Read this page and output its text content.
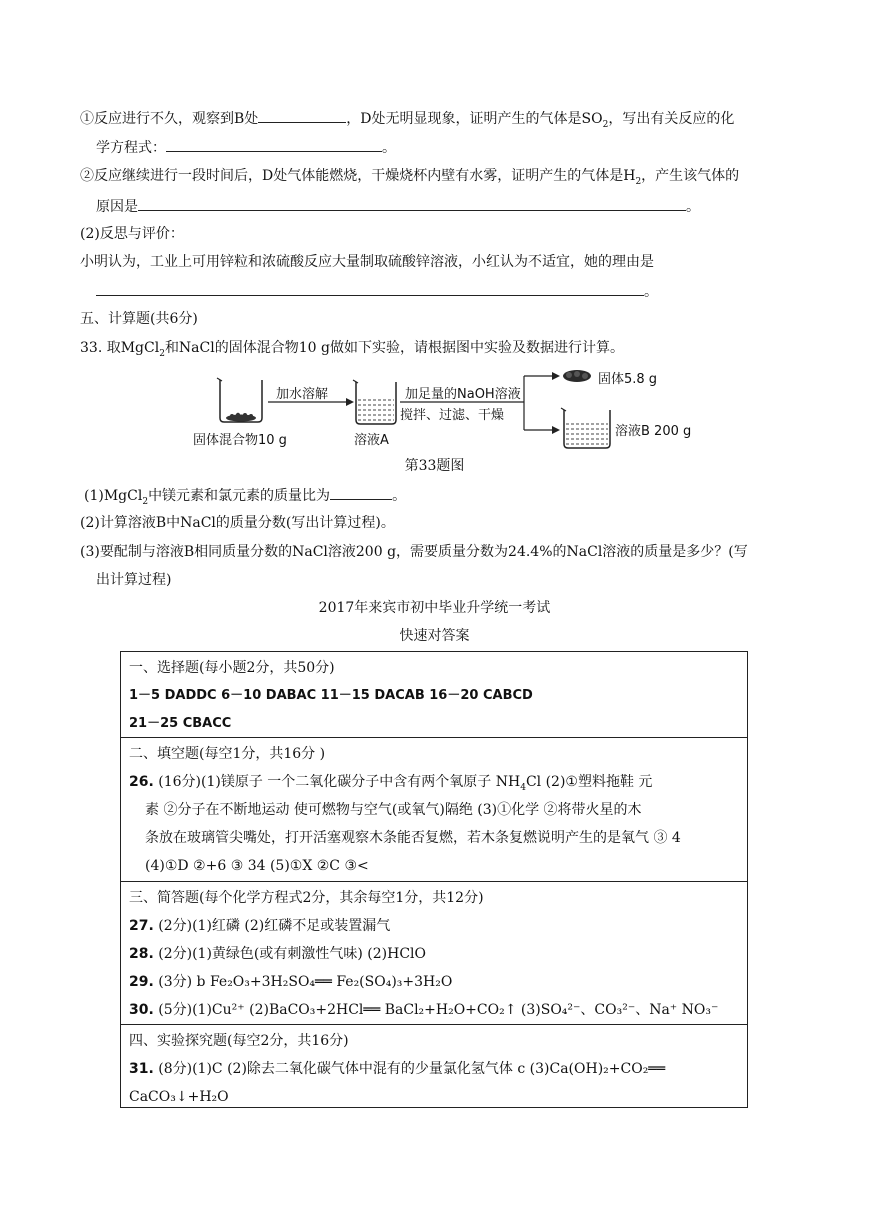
①反应进行不久，观察到B处	，D处无明显现象，证明产生的气体是$SO_2$，写出有关反应的化
学方程式：	。
②反应继续进行一段时间后，D处气体能燃烧，干燥烧杯内壁有水雾，证明产生的气体是$H_2$，产生该气体的
原因是	。
(2)反思与评价：
小明认为，工业上可用锌粒和浓硫酸反应大量制取硫酸锌溶液，小红认为不适宜，她的理由是
。
五、计算题(共6分)
33. 取MgCl$_2$和NaCl的固体混合物10 g做如下实验，请根据图中实验及数据进行计算。
加水溶解	加足量的NaOH溶液
搅拌、过滤、干燥
固体混合物10 g	溶液A
固体5.8 g
溶液B 200 g
第33题图
(1)MgCl$_2$中镁元素和氯元素的质量比为	。
(2)计算溶液B中NaCl的质量分数(写出计算过程)。
(3)要配制与溶液B相同质量分数的NaCl溶液200 g，需要质量分数为24.4%的NaCl溶液的质量是多少？(写
出计算过程)
2017年来宾市初中毕业升学统一考试
快速对答案
一、选择题(每小题2分，共50分)
1－5 DADDC 6－10 DABAC 11－15 DACAB 16－20 CABCD
21－25 CBACC
二、填空题(每空1分，共16分 )
26. (16分)(1)镁原子 一个二氧化碳分子中含有两个氧原子 $NH_4Cl$ (2)①塑料拖鞋 元
素 ②分子在不断地运动 使可燃物与空气(或氧气)隔绝 (3)①化学 ②将带火星的木
条放在玻璃管尖嘴处，打开活塞观察木条能否复燃，若木条复燃说明产生的是氧气 ③ 4
(4)①D ②+6 ③ 34 (5)①X ②C ③<
三、简答题(每个化学方程式2分，其余每空1分，共12分)
27. (2分)(1)红磷 (2)红磷不足或装置漏气
28. (2分)(1)黄绿色(或有刺激性气味) (2)HClO
29. (3分) b Fe₂O₃+3H₂SO₄══ Fe₂(SO₄)₃+3H₂O
30. (5分)(1)Cu²⁺ (2)BaCO₃+2HCl══ BaCl₂+H₂O+CO₂↑ (3)SO₄²⁻、CO₃²⁻、Na⁺ NO₃⁻
四、实验探究题(每空2分，共16分)
31. (8分)(1)C (2)除去二氧化碳气体中混有的少量氯化氢气体 c (3)Ca(OH)₂+CO₂══
CaCO₃↓+H₂O
